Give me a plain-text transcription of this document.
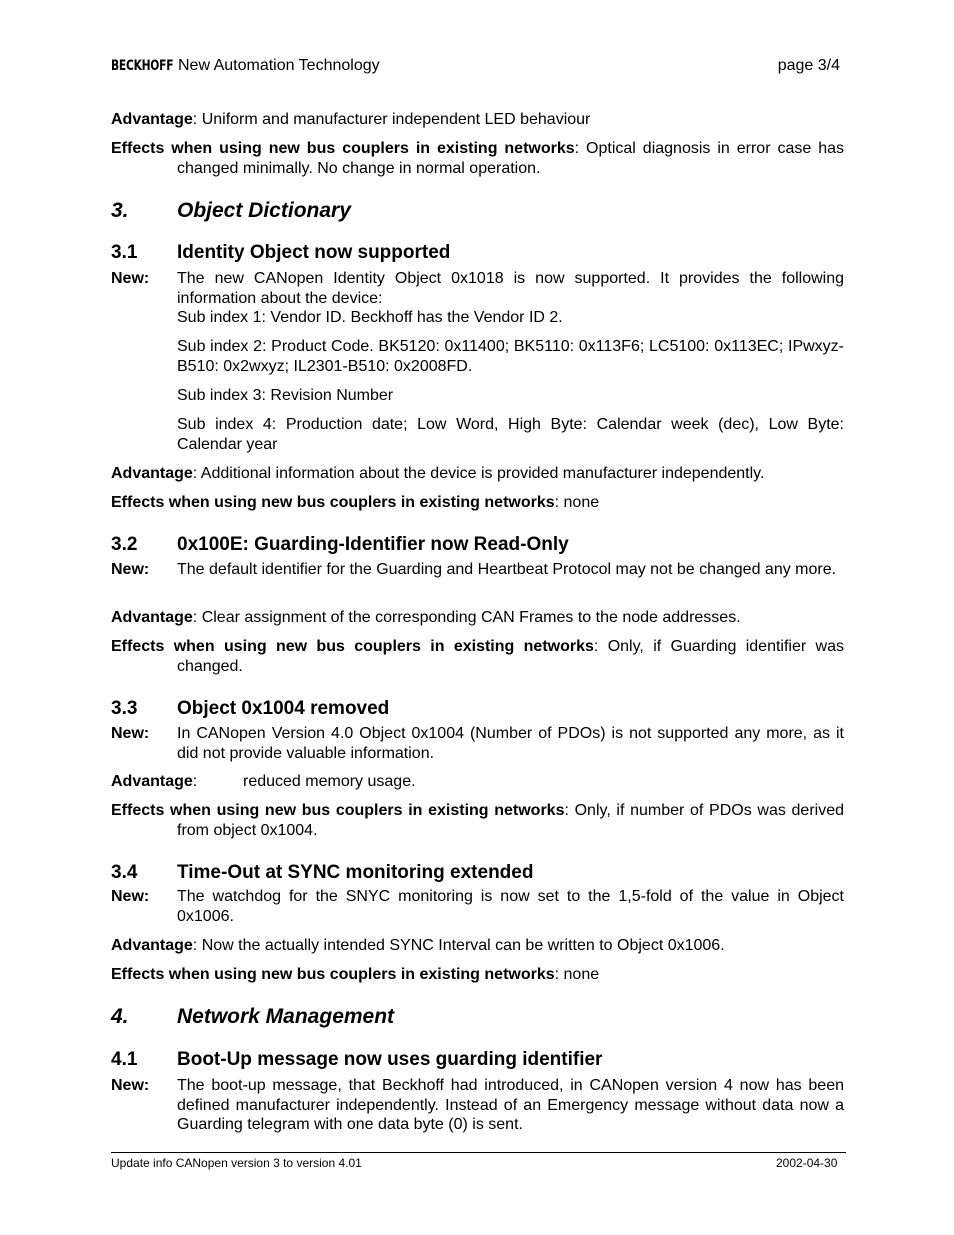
BECKHOFF New Automation Technology	page 3/4
Advantage: Uniform and manufacturer independent LED behaviour
Effects when using new bus couplers in existing networks: Optical diagnosis in error case has changed minimally. No change in normal operation.
3. Object Dictionary
3.1 Identity Object now supported
New: The new CANopen Identity Object 0x1018 is now supported. It provides the following information about the device:
Sub index 1: Vendor ID. Beckhoff has the Vendor ID 2.
Sub index 2: Product Code. BK5120: 0x11400; BK5110: 0x113F6; LC5100: 0x113EC; IPwxyz-B510: 0x2wxyz; IL2301-B510: 0x2008FD.
Sub index 3: Revision Number
Sub index 4: Production date; Low Word, High Byte: Calendar week (dec), Low Byte: Calendar year
Advantage: Additional information about the device is provided manufacturer independently.
Effects when using new bus couplers in existing networks: none
3.2 0x100E: Guarding-Identifier now Read-Only
New: The default identifier for the Guarding and Heartbeat Protocol may not be changed any more.
Advantage: Clear assignment of the corresponding CAN Frames to the node addresses.
Effects when using new bus couplers in existing networks: Only, if Guarding identifier was changed.
3.3 Object 0x1004 removed
New: In CANopen Version 4.0 Object 0x1004 (Number of PDOs) is not supported any more, as it did not provide valuable information.
Advantage:	reduced memory usage.
Effects when using new bus couplers in existing networks: Only, if number of PDOs was derived from object 0x1004.
3.4 Time-Out at SYNC monitoring extended
New: The watchdog for the SNYC monitoring is now set to the 1,5-fold of the value in Object 0x1006.
Advantage: Now the actually intended SYNC Interval can be written to Object 0x1006.
Effects when using new bus couplers in existing networks: none
4. Network Management
4.1 Boot-Up message now uses guarding identifier
New: The boot-up message, that Beckhoff had introduced, in CANopen version 4 now has been defined manufacturer independently. Instead of an Emergency message without data now a Guarding telegram with one data byte (0) is sent.
Update info CANopen version 3 to version 4.01	2002-04-30
